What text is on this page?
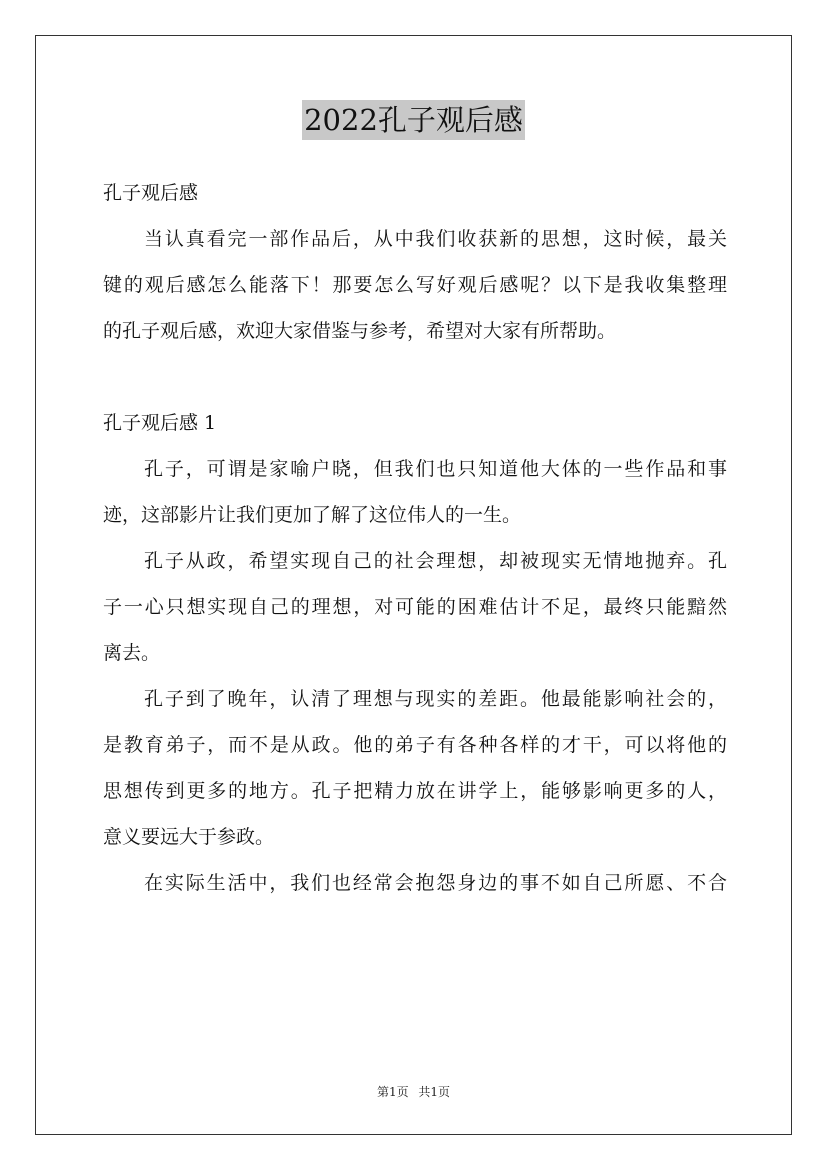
2022孔子观后感
孔子观后感
当认真看完一部作品后，从中我们收获新的思想，这时候，最关
键的观后感怎么能落下！那要怎么写好观后感呢？以下是我收集整理
的孔子观后感，欢迎大家借鉴与参考，希望对大家有所帮助。
孔子观后感 1
孔子，可谓是家喻户晓，但我们也只知道他大体的一些作品和事
迹，这部影片让我们更加了解了这位伟人的一生。
孔子从政，希望实现自己的社会理想，却被现实无情地抛弃。孔
子一心只想实现自己的理想，对可能的困难估计不足，最终只能黯然
离去。
孔子到了晚年，认清了理想与现实的差距。他最能影响社会的，
是教育弟子，而不是从政。他的弟子有各种各样的才干，可以将他的
思想传到更多的地方。孔子把精力放在讲学上，能够影响更多的人，
意义要远大于参政。
在实际生活中，我们也经常会抱怨身边的事不如自己所愿、不合
第1页 共1页
